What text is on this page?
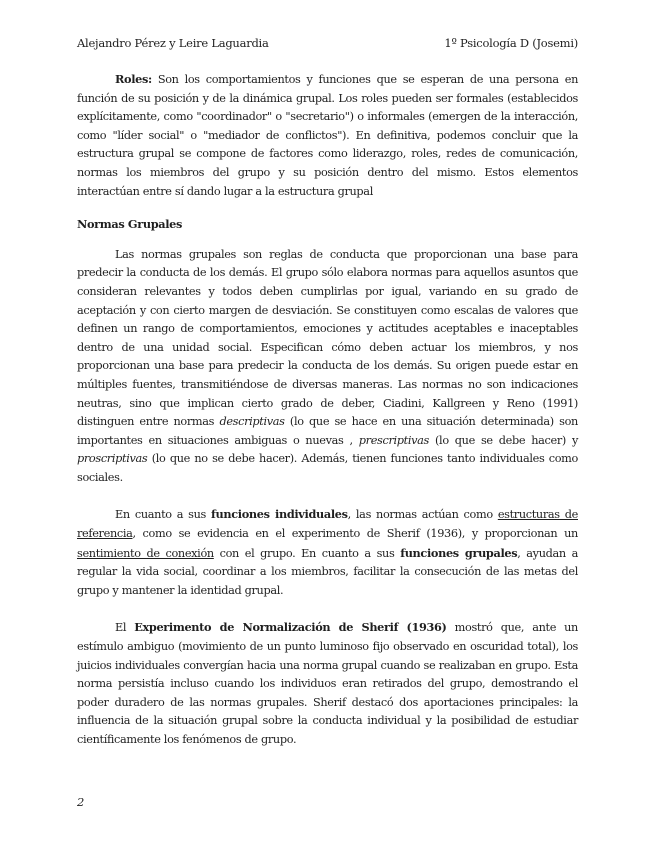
Alejandro Pérez y Leire Laguardia	1º Psicología D (Josemi)

Roles: Son los comportamientos y funciones que se esperan de una persona en función de su posición y de la dinámica grupal. Los roles pueden ser formales (establecidos explícitamente, como "coordinador" o "secretario") o informales (emergen de la interacción, como "líder social" o "mediador de conflictos"). En definitiva, podemos concluir que la estructura grupal se compone de factores como liderazgo, roles, redes de comunicación, normas los miembros del grupo y su posición dentro del mismo. Estos elementos interactúan entre sí dando lugar a la estructura grupal

Normas Grupales

Las normas grupales son reglas de conducta que proporcionan una base para predecir la conducta de los demás. El grupo sólo elabora normas para aquellos asuntos que consideran relevantes y todos deben cumplirlas por igual, variando en su grado de aceptación y con cierto margen de desviación. Se constituyen como escalas de valores que definen un rango de comportamientos, emociones y actitudes aceptables e inaceptables dentro de una unidad social. Especifican cómo deben actuar los miembros, y nos proporcionan una base para predecir la conducta de los demás. Su origen puede estar en múltiples fuentes, transmitiéndose de diversas maneras. Las normas no son indicaciones neutras, sino que implican cierto grado de deber, Ciadini, Kallgreen y Reno (1991) distinguen entre normas descriptivas (lo que se hace en una situación determinada) son importantes en situaciones ambiguas o nuevas , prescriptivas (lo que se debe hacer) y proscriptivas (lo que no se debe hacer). Además, tienen funciones tanto individuales como sociales.

En cuanto a sus funciones individuales, las normas actúan como estructuras de referencia, como se evidencia en el experimento de Sherif (1936), y proporcionan un sentimiento de conexión con el grupo. En cuanto a sus funciones grupales, ayudan a regular la vida social, coordinar a los miembros, facilitar la consecución de las metas del grupo y mantener la identidad grupal.

El Experimento de Normalización de Sherif (1936) mostró que, ante un estímulo ambiguo (movimiento de un punto luminoso fijo observado en oscuridad total), los juicios individuales convergían hacia una norma grupal cuando se realizaban en grupo. Esta norma persistía incluso cuando los individuos eran retirados del grupo, demostrando el poder duradero de las normas grupales. Sherif destacó dos aportaciones principales: la influencia de la situación grupal sobre la conducta individual y la posibilidad de estudiar científicamente los fenómenos de grupo.

2
